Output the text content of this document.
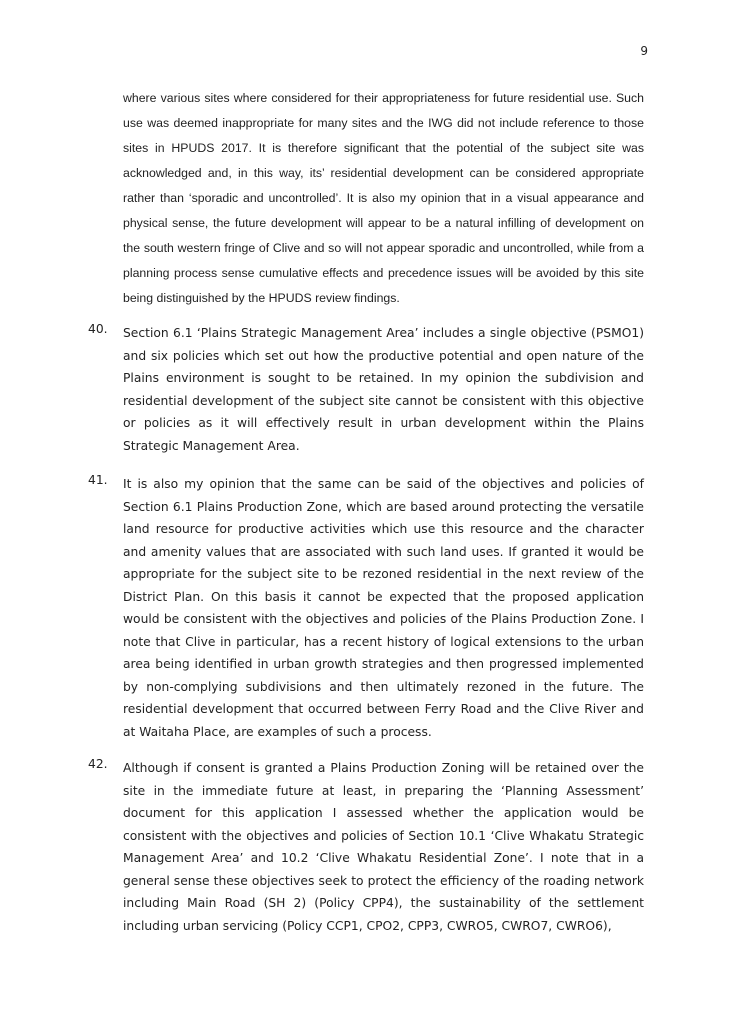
9

where various sites where considered for their appropriateness for future residential use. Such use was deemed inappropriate for many sites and the IWG did not include reference to those sites in HPUDS 2017. It is therefore significant that the potential of the subject site was acknowledged and, in this way, its’ residential development can be considered appropriate rather than ‘sporadic and uncontrolled’. It is also my opinion that in a visual appearance and physical sense, the future development will appear to be a natural infilling of development on the south western fringe of Clive and so will not appear sporadic and uncontrolled, while from a planning process sense cumulative effects and precedence issues will be avoided by this site being distinguished by the HPUDS review findings.

40.	Section 6.1 ‘Plains Strategic Management Area’ includes a single objective (PSMO1) and six policies which set out how the productive potential and open nature of the Plains environment is sought to be retained. In my opinion the subdivision and residential development of the subject site cannot be consistent with this objective or policies as it will effectively result in urban development within the Plains Strategic Management Area.

41.	It is also my opinion that the same can be said of the objectives and policies of Section 6.1 Plains Production Zone, which are based around protecting the versatile land resource for productive activities which use this resource and the character and amenity values that are associated with such land uses. If granted it would be appropriate for the subject site to be rezoned residential in the next review of the District Plan. On this basis it cannot be expected that the proposed application would be consistent with the objectives and policies of the Plains Production Zone. I note that Clive in particular, has a recent history of logical extensions to the urban area being identified in urban growth strategies and then progressed implemented by non-complying subdivisions and then ultimately rezoned in the future. The residential development that occurred between Ferry Road and the Clive River and at Waitaha Place, are examples of such a process.

42.	Although if consent is granted a Plains Production Zoning will be retained over the site in the immediate future at least, in preparing the ‘Planning Assessment’ document for this application I assessed whether the application would be consistent with the objectives and policies of Section 10.1 ‘Clive Whakatu Strategic Management Area’ and 10.2 ‘Clive Whakatu Residential Zone’. I note that in a general sense these objectives seek to protect the efficiency of the roading network including Main Road (SH 2) (Policy CPP4), the sustainability of the settlement including urban servicing (Policy CCP1, CPO2, CPP3, CWRO5, CWRO7, CWRO6),
